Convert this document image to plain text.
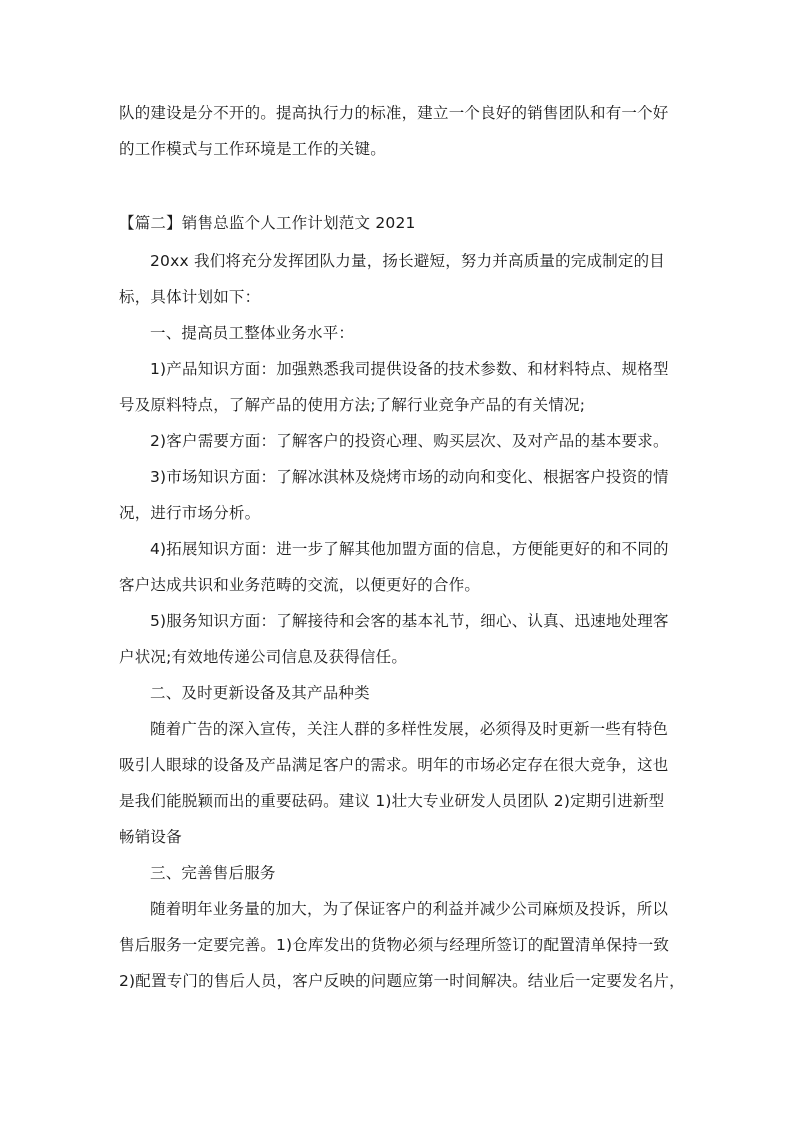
队的建设是分不开的。提高执行力的标准，建立一个良好的销售团队和有一个好
的工作模式与工作环境是工作的关键。
【篇二】销售总监个人工作计划范文 2021
20xx 我们将充分发挥团队力量，扬长避短，努力并高质量的完成制定的目
标，具体计划如下：
一、提高员工整体业务水平：
1)产品知识方面：加强熟悉我司提供设备的技术参数、和材料特点、规格型
号及原料特点，了解产品的使用方法;了解行业竞争产品的有关情况;
2)客户需要方面：了解客户的投资心理、购买层次、及对产品的基本要求。
3)市场知识方面：了解冰淇林及烧烤市场的动向和变化、根据客户投资的情
况，进行市场分析。
4)拓展知识方面：进一步了解其他加盟方面的信息，方便能更好的和不同的
客户达成共识和业务范畴的交流，以便更好的合作。
5)服务知识方面：了解接待和会客的基本礼节，细心、认真、迅速地处理客
户状况;有效地传递公司信息及获得信任。
二、及时更新设备及其产品种类
随着广告的深入宣传，关注人群的多样性发展，必须得及时更新一些有特色
吸引人眼球的设备及产品满足客户的需求。明年的市场必定存在很大竞争，这也
是我们能脱颖而出的重要砝码。建议 1)壮大专业研发人员团队 2)定期引进新型
畅销设备
三、完善售后服务
随着明年业务量的加大，为了保证客户的利益并减少公司麻烦及投诉，所以
售后服务一定要完善。1)仓库发出的货物必须与经理所签订的配置清单保持一致
2)配置专门的售后人员，客户反映的问题应第一时间解决。结业后一定要发名片，
